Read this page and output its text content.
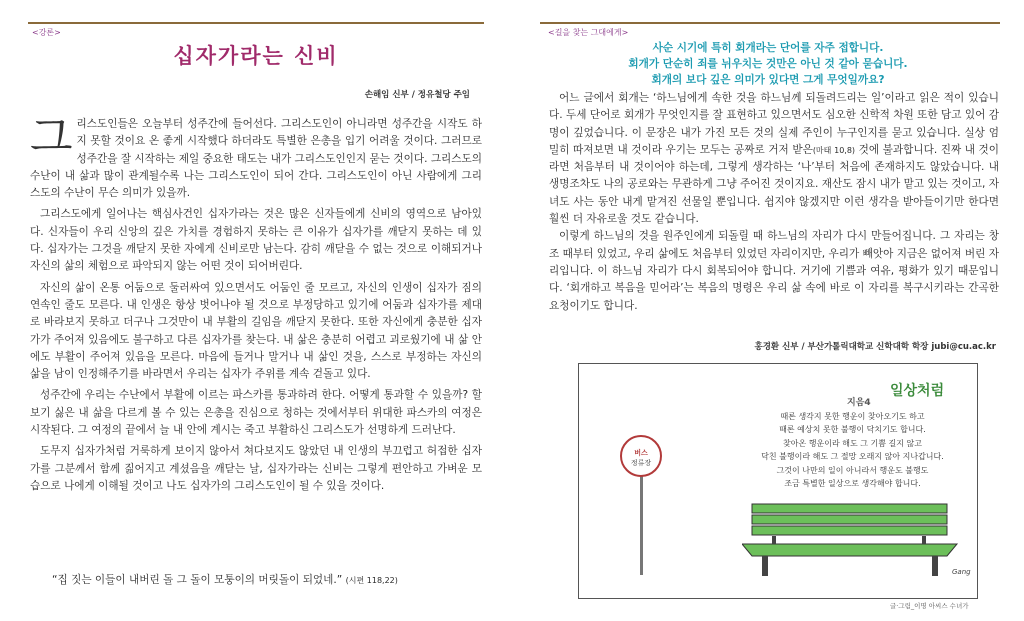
<강론>
십자가라는 신비
손해임 신부 / 정유철당 주임

그 리스도인들은 오늘부터 성주간에 들어선다. 그리스도인이 아니라면 성주간을 시작도 하지 못할 것이요 온 좋게 시작했다 하더라도 특별한 은총을 입기 어려울 것이다. 그러므로 성주간을 잘 시작하는 제일 중요한 태도는 내가 그리스도인인지 묻는 것이다. 그리스도의 수난이 내 삶과 많이 관계될수록 나는 그리스도인이 되어 간다. 그리스도인이 아닌 사람에게 그리스도의 수난이 무슨 의미가 있을까.

그리스도에게 일어나는 핵심사건인 십자가라는 것은 많은 신자들에게 신비의 영역으로 남아있다. 신자들이 우리 신앙의 깊은 가치를 경험하지 못하는 큰 이유가 십자가를 깨닫지 못하는 데 있다. 십자가는 그것을 깨닫지 못한 자에게 신비로만 남는다. 감히 깨닫을 수 없는 것으로 이해되거나 자신의 삶의 체험으로 파악되지 않는 어떤 것이 되어버린다.

자신의 삶이 온통 어둠으로 둘러싸여 있으면서도 어둠인 줄 모르고, 자신의 인생이 십자가 짐의 연속인 줄도 모른다. 내 인생은 항상 벗어나야 될 것으로 부정당하고 있기에 어둠과 십자가를 제대로 바라보지 못하고 더구나 그것만이 내 부활의 길임을 깨닫지 못한다. 또한 자신에게 충분한 십자가가 주어져 있음에도 불구하고 다른 십자가를 찾는다. 내 삶은 충분히 어렵고 괴로웠기에 내 삶 안에도 부활이 주어져 있음을 모른다. 마음에 들거나 말거나 내 삶인 것을, 스스로 부정하는 자신의 삶을 남이 인정해주기를 바라면서 우리는 십자가 주위를 계속 걷돌고 있다.

성주간에 우리는 수난에서 부활에 이르는 파스카를 통과하려 한다. 어떻게 통과할 수 있을까? 할 보기 싫은 내 삶을 다르게 볼 수 있는 은총을 진심으로 청하는 것에서부터 위대한 파스카의 여정은 시작된다. 그 여정의 끝에서 늘 내 안에 계시는 죽고 부활하신 그리스도가 선명하게 드러난다.

도무지 십자가처럼 거룩하게 보이지 않아서 쳐다보지도 않았던 내 인생의 부끄럽고 허접한 십자가를 그분께서 함께 짊어지고 계셨음을 깨닫는 날, 십자가라는 신비는 그렇게 편안하고 가벼운 모습으로 나에게 이해될 것이고 나도 십자가의 그리스도인이 될 수 있을 것이다.

“집 짓는 이들이 내버린 돌 그 돌이 모퉁이의 머릿돌이 되었네.” (시편 118,22)
<길을 찾는 그대에게>
사순 시기에 특히 회개라는 단어를 자주 접합니다.
회개가 단순히 죄를 뉘우치는 것만은 아닌 것 같아 묻습니다.
회개의 보다 깊은 의미가 있다면 그게 무엇일까요?

어느 글에서 회개는 ‘하느님에게 속한 것을 하느님께 되돌려드리는 일’이라고 읽은 적이 있습니다. 두세 단어로 회개가 무엇인지를 잘 표현하고 있으면서도 심오한 신학적 차원 또한 담고 있어 감명이 깊었습니다. 이 문장은 내가 가진 모든 것의 실제 주인이 누구인지를 묻고 있습니다. 실상 엄밀히 따져보면 내 것이라 우기는 모두는 공짜로 거저 받은(마태 10,8) 것에 불과합니다. 진짜 내 것이라면 처음부터 내 것이어야 하는데, 그렇게 생각하는 ‘나’부터 처음에 존재하지도 않았습니다. 내 생명조차도 나의 공로와는 무관하게 그냥 주어진 것이지요. 재산도 잠시 내가 맡고 있는 것이고, 자녀도 사는 동안 내게 맡겨진 선물일 뿐입니다. 쉽지야 않겠지만 이런 생각을 받아들이기만 한다면 훨씬 더 자유로울 것도 같습니다.

이렇게 하느님의 것을 원주인에게 되돌릴 때 하느님의 자리가 다시 만들어집니다. 그 자리는 창조 때부터 있었고, 우리 삶에도 처음부터 있었던 자리이지만, 우리가 빼앗아 지금은 없어져 버린 자리입니다. 이 하느님 자리가 다시 회복되어야 합니다. 거기에 기쁨과 여유, 평화가 있기 때문입니다. ‘회개하고 복음을 믿어라’는 복음의 명령은 우리 삶 속에 바로 이 자리를 복구시키라는 간곡한 요청이기도 합니다.

홍경환 신부 / 부산가톨릭대학교 신학대학 학장 jubi@cu.ac.kr
지음4
일상처럼
때론 생각지 못한 행운이 찾아오기도 하고
때론 예상치 못한 불행이 닥치기도 합니다.
찾아온 행운이라 해도 그 기쁨 길지 않고
닥친 불행이라 해도 그 절망 오래지 않아 지나갑니다.
그것이 나만의 일이 아니라서 행운도 불행도
조금 특별한 일상으로 생각해야 합니다.
버스
정류장
Gang
글·그림_이명 아씨스 수녀가
